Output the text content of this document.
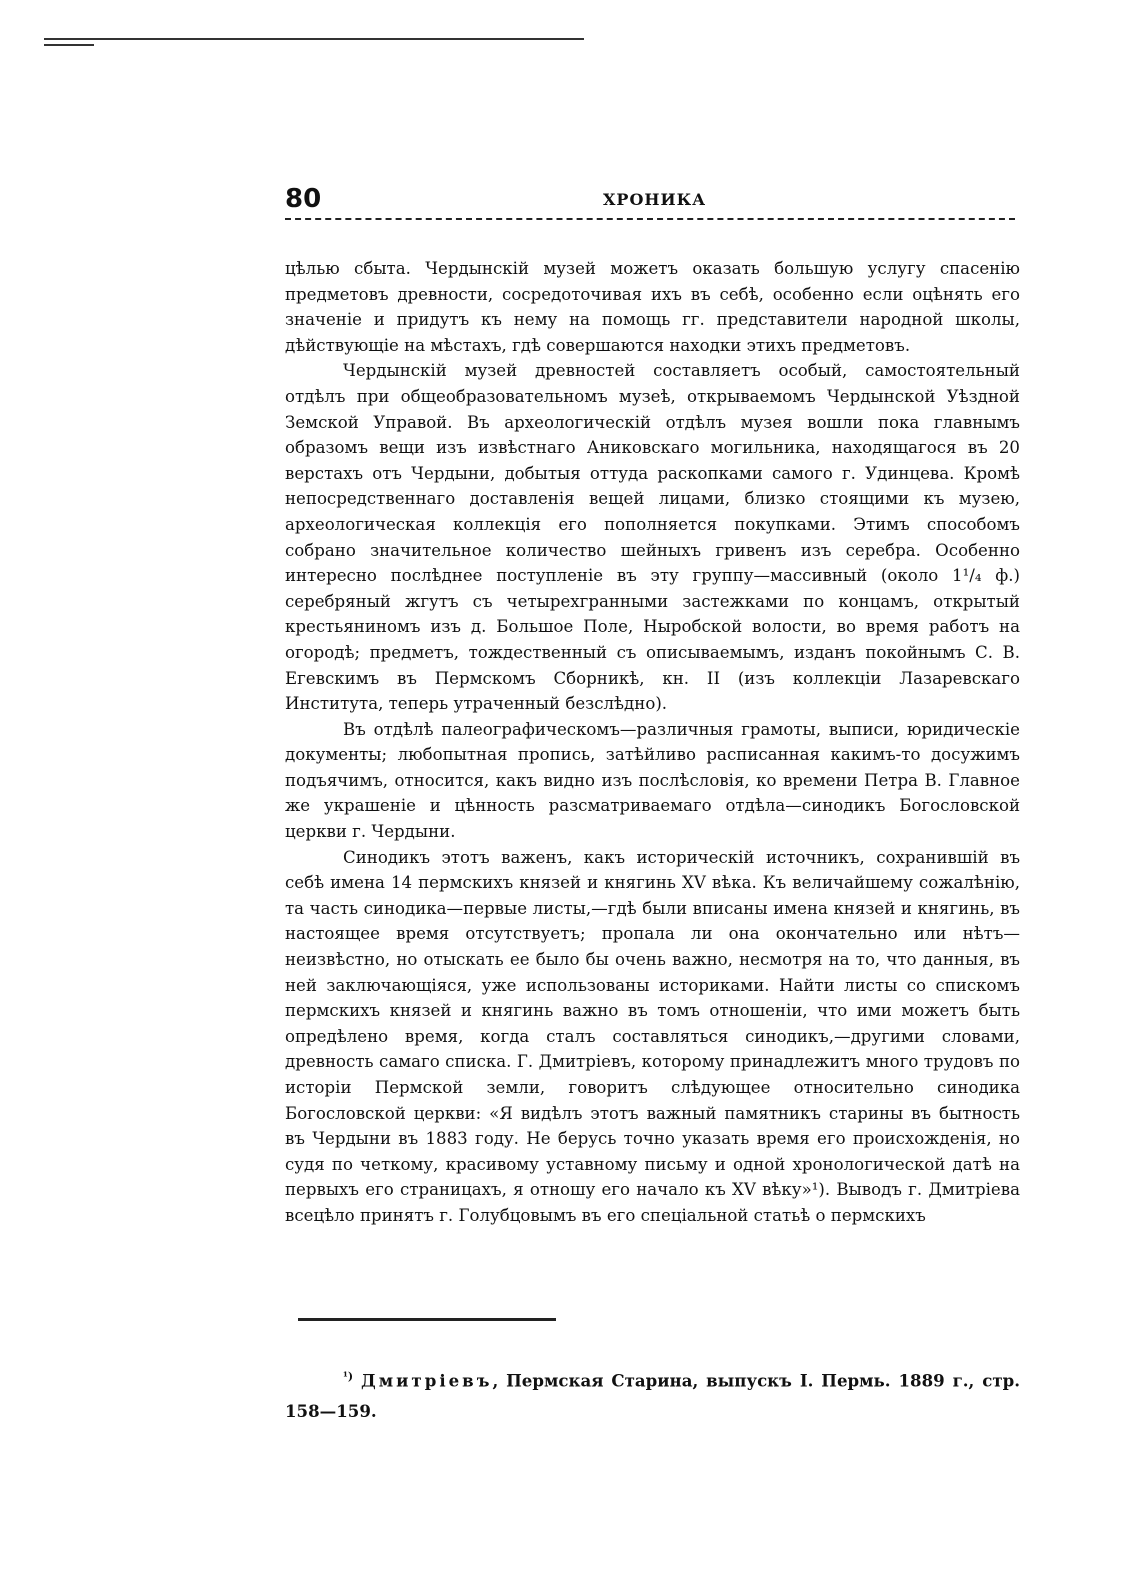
80	ХРОНИКА

цѣлью сбыта. Чердынскій музей можетъ оказать большую услугу спасенію предметовъ древности, сосредоточивая ихъ въ себѣ, особенно если оцѣнять его значеніе и придутъ къ нему на помощь гг. представители народной школы, дѣйствующіе на мѣстахъ, гдѣ совершаются находки этихъ предметовъ.

Чердынскій музей древностей составляетъ особый, самостоятельный отдѣлъ при общеобразовательномъ музеѣ, открываемомъ Чердынской Уѣздной Земской Управой. Въ археологическій отдѣлъ музея вошли пока главнымъ образомъ вещи изъ извѣстнаго Аниковскаго могильника, находящагося въ 20 верстахъ отъ Чердыни, добытыя оттуда раскопками самого г. Удинцева. Кромѣ непосредственнаго доставленія вещей лицами, близко стоящими къ музею, археологическая коллекція его пополняется покупками. Этимъ способомъ собрано значительное количество шейныхъ гривенъ изъ серебра. Особенно интересно послѣднее поступленіе въ эту группу—массивный (около 1¹/₄ ф.) серебряный жгутъ съ четырехгранными застежками по концамъ, открытый крестьяниномъ изъ д. Большое Поле, Ныробской волости, во время работъ на огородѣ; предметъ, тождественный съ описываемымъ, изданъ покойнымъ С. В. Егевскимъ въ Пермскомъ Сборникѣ, кн. II (изъ коллекціи Лазаревскаго Института, теперь утраченный безслѣдно).

Въ отдѣлѣ палеографическомъ—различныя грамоты, выписи, юридическіе документы; любопытная пропись, затѣйливо расписанная какимъ-то досужимъ подъячимъ, относится, какъ видно изъ послѣсловія, ко времени Петра В. Главное же украшеніе и цѣнность разсматриваемаго отдѣла—синодикъ Богословской церкви г. Чердыни.

Синодикъ этотъ важенъ, какъ историческій источникъ, сохранившій въ себѣ имена 14 пермскихъ князей и княгинь XV вѣка. Къ величайшему сожалѣнію, та часть синодика—первые листы,—гдѣ были вписаны имена князей и княгинь, въ настоящее время отсутствуетъ; пропала ли она окончательно или нѣтъ—неизвѣстно, но отыскать ее было бы очень важно, несмотря на то, что данныя, въ ней заключающіяся, уже использованы историками. Найти листы со спискомъ пермскихъ князей и княгинь важно въ томъ отношеніи, что ими можетъ быть опредѣлено время, когда сталъ составляться синодикъ,—другими словами, древность самаго списка. Г. Дмитріевъ, которому принадлежитъ много трудовъ по исторіи Пермской земли, говоритъ слѣдующее относительно синодика Богословской церкви: «Я видѣлъ этотъ важный памятникъ старины въ бытность въ Чердыни въ 1883 году. Не берусь точно указать время его происхожденія, но судя по четкому, красивому уставному письму и одной хронологической датѣ на первыхъ его страницахъ, я отношу его начало къ XV вѣку»¹). Выводъ г. Дмитріева всецѣло принятъ г. Голубцовымъ въ его спеціальной статьѣ о пермскихъ

$^{^1)}$ Дмитріевъ, Пермская Старина, выпускъ I. Пермь. 1889 г., стр. 158—159.
